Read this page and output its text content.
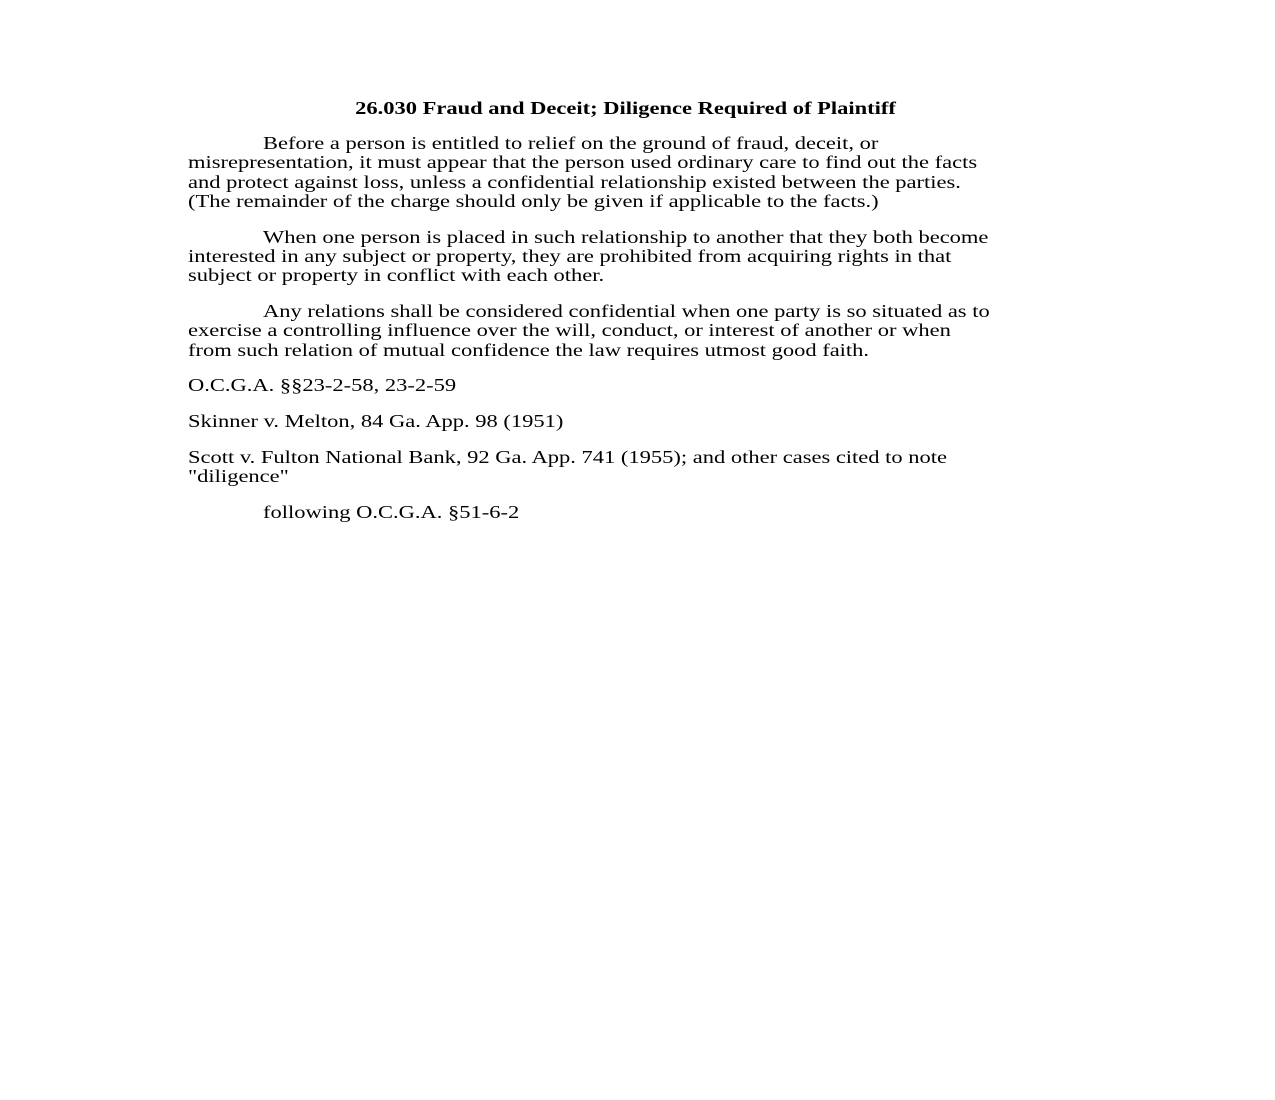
26.030 Fraud and Deceit; Diligence Required of Plaintiff
Before a person is entitled to relief on the ground of fraud, deceit, or
misrepresentation, it must appear that the person used ordinary care to find out the facts
and protect against loss, unless a confidential relationship existed between the parties.
(The remainder of the charge should only be given if applicable to the facts.)
When one person is placed in such relationship to another that they both become
interested in any subject or property, they are prohibited from acquiring rights in that
subject or property in conflict with each other.
Any relations shall be considered confidential when one party is so situated as to
exercise a controlling influence over the will, conduct, or interest of another or when
from such relation of mutual confidence the law requires utmost good faith.
O.C.G.A. §§23-2-58, 23-2-59
Skinner v. Melton, 84 Ga. App. 98 (1951)
Scott v. Fulton National Bank, 92 Ga. App. 741 (1955); and other cases cited to note
"diligence"
following O.C.G.A. §51-6-2
